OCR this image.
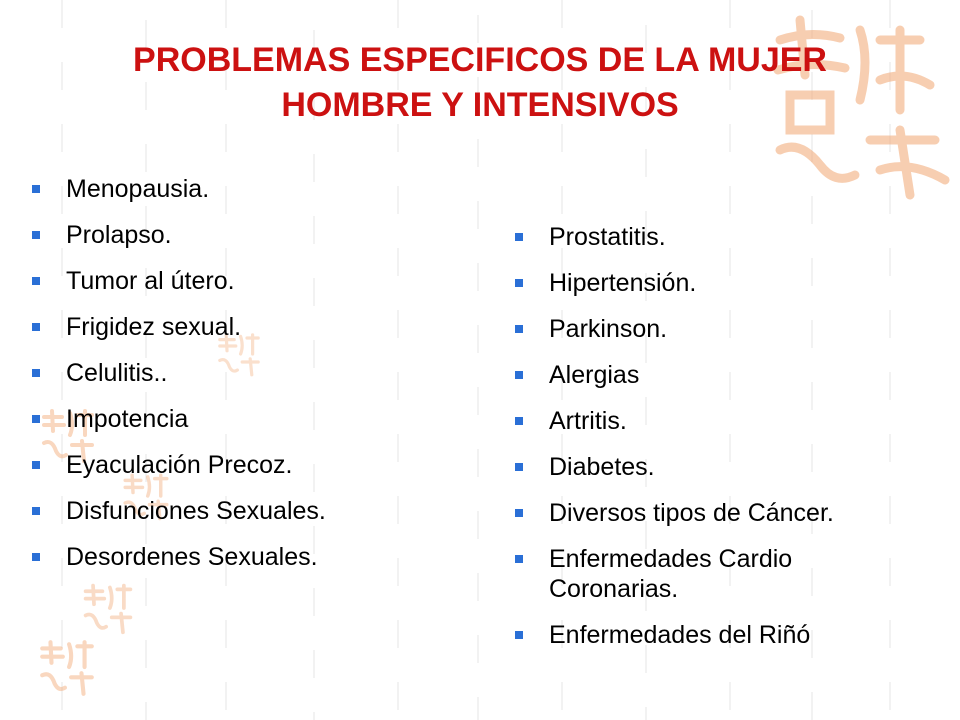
PROBLEMAS ESPECIFICOS DE LA MUJER
HOMBRE Y INTENSIVOS
Menopausia.
Prolapso.
Tumor al útero.
Frigidez sexual.
Celulitis..
Impotencia
Eyaculación Precoz.
Disfunciones Sexuales.
Desordenes Sexuales.
Prostatitis.
Hipertensión.
Parkinson.
Alergias
Artritis.
Diabetes.
Diversos tipos de Cáncer.
Enfermedades Cardio Coronarias.
Enfermedades del Riñó
